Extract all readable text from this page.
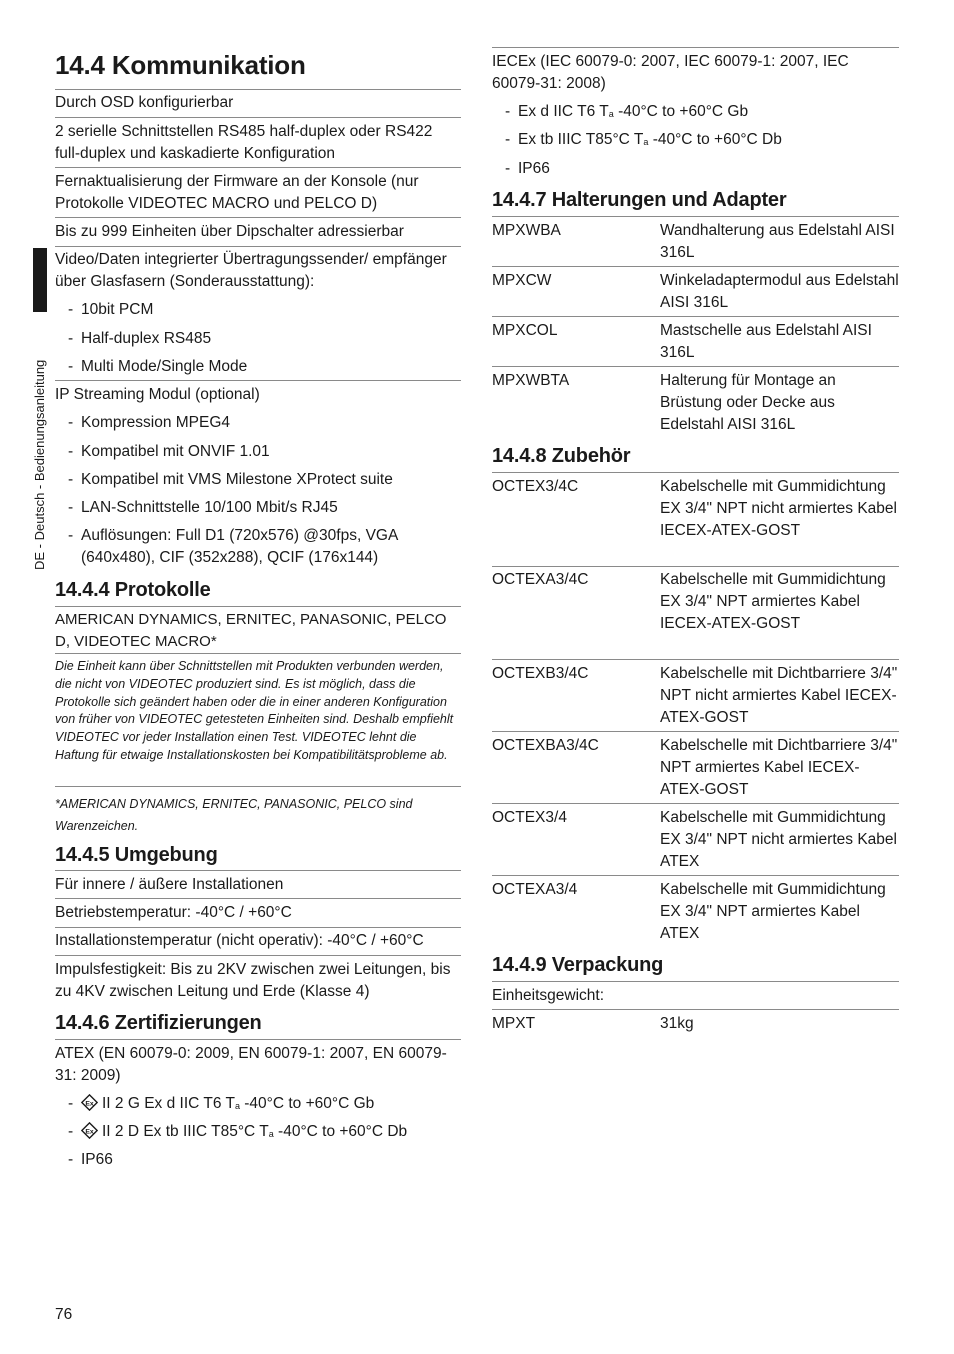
DE - Deutsch - Bedienungsanleitung
14.4 Kommunikation
Durch OSD konfigurierbar
2 serielle Schnittstellen RS485 half-duplex oder RS422 full-duplex und kaskadierte Konfiguration
Fernaktualisierung der Firmware an der Konsole (nur Protokolle VIDEOTEC MACRO und PELCO D)
Bis zu 999 Einheiten über Dipschalter adressierbar
Video/Daten integrierter Übertragungssender/ empfänger über Glasfasern (Sonderausstattung):
- 10bit PCM
- Half-duplex RS485
- Multi Mode/Single Mode
IP Streaming Modul (optional)
- Kompression MPEG4
- Kompatibel mit ONVIF 1.01
- Kompatibel mit VMS Milestone XProtect suite
- LAN-Schnittstelle 10/100 Mbit/s RJ45
- Auflösungen: Full D1 (720x576) @30fps, VGA (640x480), CIF (352x288), QCIF (176x144)
14.4.4 Protokolle
AMERICAN DYNAMICS, ERNITEC, PANASONIC, PELCO D, VIDEOTEC MACRO*
Die Einheit kann über Schnittstellen mit Produkten verbunden werden, die nicht von VIDEOTEC produziert sind. Es ist möglich, dass die Protokolle sich geändert haben oder die in einer anderen Konfiguration von früher von VIDEOTEC getesteten Einheiten sind. Deshalb empfiehlt VIDEOTEC vor jeder Installation einen Test. VIDEOTEC lehnt die Haftung für etwaige Installationskosten bei Kompatibilitätsprobleme ab.
*AMERICAN DYNAMICS, ERNITEC, PANASONIC, PELCO sind Warenzeichen.
14.4.5 Umgebung
Für innere / äußere Installationen
Betriebstemperatur: -40°C / +60°C
Installationstemperatur (nicht operativ): -40°C / +60°C
Impulsfestigkeit: Bis zu 2KV zwischen zwei Leitungen, bis zu 4KV zwischen Leitung und Erde (Klasse 4)
14.4.6 Zertifizierungen
ATEX (EN 60079-0: 2009, EN 60079-1: 2007, EN 60079-31: 2009)
- Ex II 2 G Ex d IIC T6 $T_a$ -40°C to +60°C Gb
- Ex II 2 D Ex tb IIIC T85°C $T_a$ -40°C to +60°C Db
- IP66
IECEx (IEC 60079-0: 2007, IEC 60079-1: 2007, IEC 60079-31: 2008)
- Ex d IIC T6 $T_a$ -40°C to +60°C Gb
- Ex tb IIIC T85°C $T_a$ -40°C to +60°C Db
- IP66
14.4.7 Halterungen und Adapter
MPXWBA	Wandhalterung aus Edelstahl AISI 316L
MPXCW	Winkeladaptermodul aus Edelstahl AISI 316L
MPXCOL	Mastschelle aus Edelstahl AISI 316L
MPXWBTA	Halterung für Montage an Brüstung oder Decke aus Edelstahl AISI 316L
14.4.8 Zubehör
OCTEX3/4C	Kabelschelle mit Gummidichtung EX 3/4" NPT nicht armiertes Kabel IECEX-ATEX-GOST
OCTEXA3/4C	Kabelschelle mit Gummidichtung EX 3/4" NPT armiertes Kabel IECEX-ATEX-GOST
OCTEXB3/4C	Kabelschelle mit Dichtbarriere 3/4" NPT nicht armiertes Kabel IECEX-ATEX-GOST
OCTEXBA3/4C	Kabelschelle mit Dichtbarriere 3/4" NPT armiertes Kabel IECEX-ATEX-GOST
OCTEX3/4	Kabelschelle mit Gummidichtung EX 3/4" NPT nicht armiertes Kabel ATEX
OCTEXA3/4	Kabelschelle mit Gummidichtung EX 3/4" NPT armiertes Kabel ATEX
14.4.9 Verpackung
Einheitsgewicht:
MPXT	31kg
76
